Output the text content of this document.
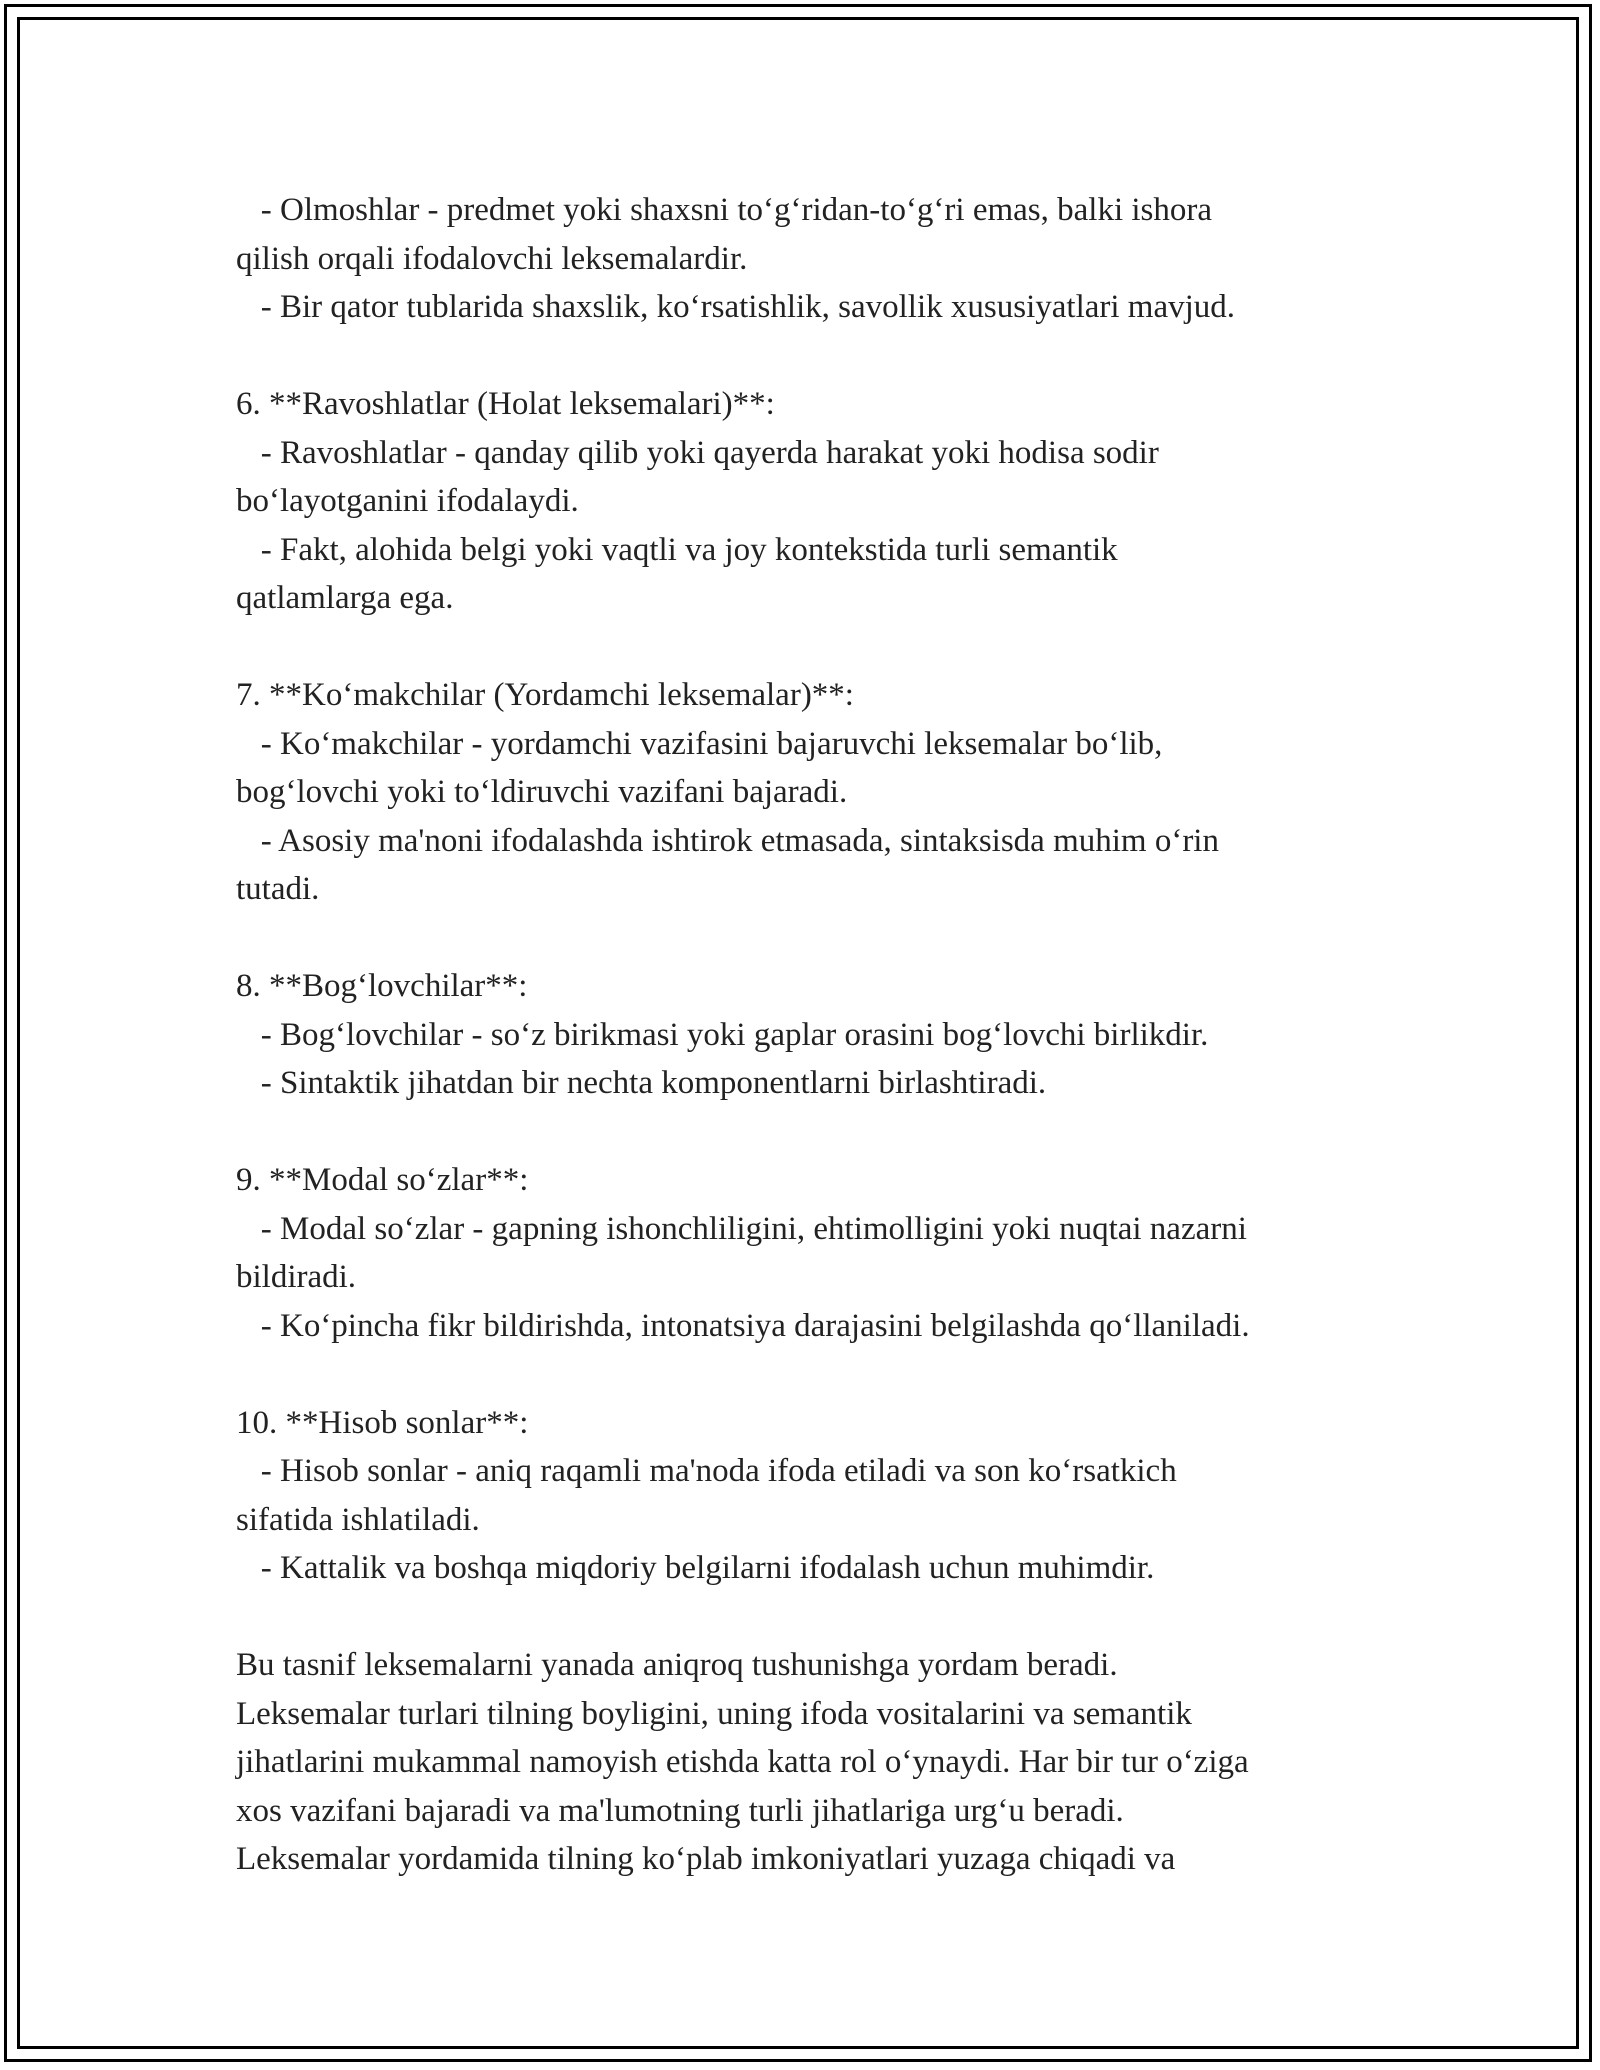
- Olmoshlar - predmet yoki shaxsni to‘g‘ridan-to‘g‘ri emas, balki ishora
qilish orqali ifodalovchi leksemalardir.
- Bir qator tublarida shaxslik, ko‘rsatishlik, savollik xususiyatlari mavjud.
6. **Ravoshlatlar (Holat leksemalari)**:
- Ravoshlatlar - qanday qilib yoki qayerda harakat yoki hodisa sodir
bo‘layotganini ifodalaydi.
- Fakt, alohida belgi yoki vaqtli va joy kontekstida turli semantik
qatlamlarga ega.
7. **Ko‘makchilar (Yordamchi leksemalar)**:
- Ko‘makchilar - yordamchi vazifasini bajaruvchi leksemalar bo‘lib,
bog‘lovchi yoki to‘ldiruvchi vazifani bajaradi.
- Asosiy ma'noni ifodalashda ishtirok etmasada, sintaksisda muhim o‘rin
tutadi.
8. **Bog‘lovchilar**:
- Bog‘lovchilar - so‘z birikmasi yoki gaplar orasini bog‘lovchi birlikdir.
- Sintaktik jihatdan bir nechta komponentlarni birlashtiradi.
9. **Modal so‘zlar**:
- Modal so‘zlar - gapning ishonchliligini, ehtimolligini yoki nuqtai nazarni
bildiradi.
- Ko‘pincha fikr bildirishda, intonatsiya darajasini belgilashda qo‘llaniladi.
10. **Hisob sonlar**:
- Hisob sonlar - aniq raqamli ma'noda ifoda etiladi va son ko‘rsatkich
sifatida ishlatiladi.
- Kattalik va boshqa miqdoriy belgilarni ifodalash uchun muhimdir.
Bu tasnif leksemalarni yanada aniqroq tushunishga yordam beradi.
Leksemalar turlari tilning boyligini, uning ifoda vositalarini va semantik
jihatlarini mukammal namoyish etishda katta rol o‘ynaydi. Har bir tur o‘ziga
xos vazifani bajaradi va ma'lumotning turli jihatlariga urg‘u beradi.
Leksemalar yordamida tilning ko‘plab imkoniyatlari yuzaga chiqadi va
